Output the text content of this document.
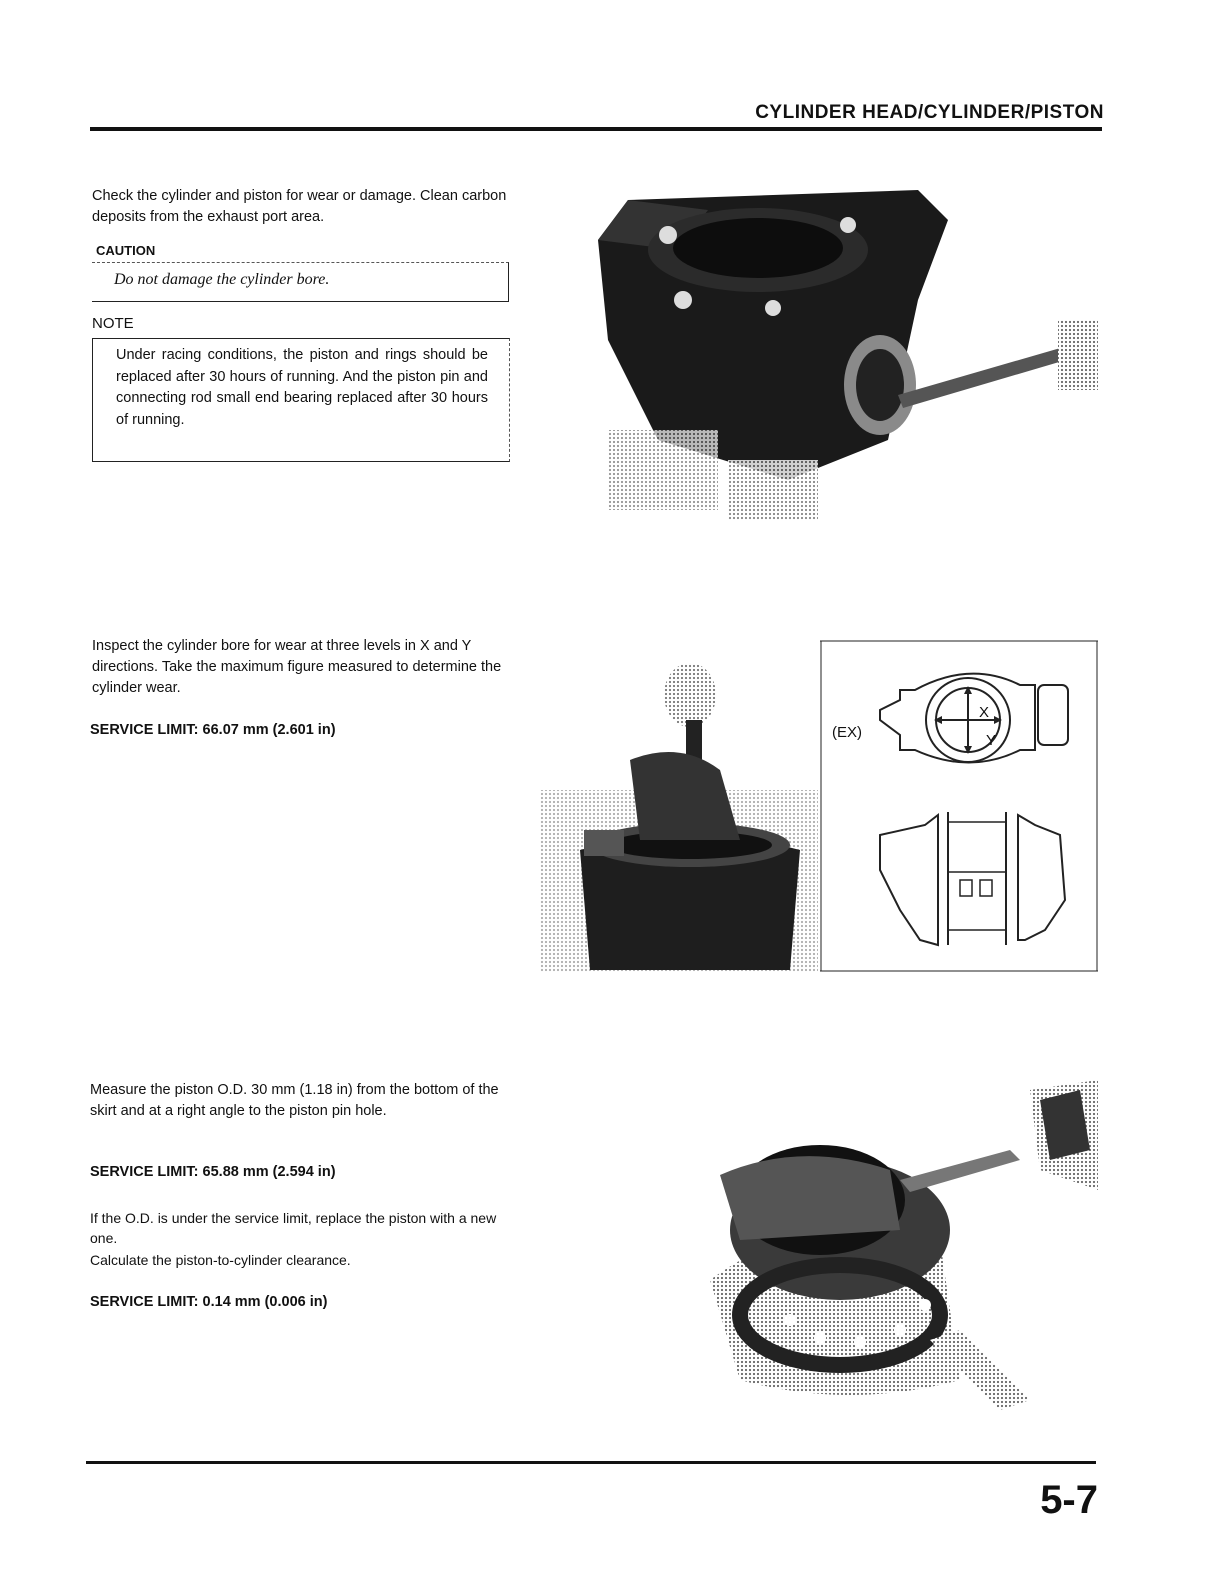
CYLINDER HEAD/CYLINDER/PISTON
Check the cylinder and piston for wear or damage. Clean carbon deposits from the exhaust port area.
CAUTION
Do not damage the cylinder bore.
NOTE
Under racing conditions, the piston and rings should be replaced after 30 hours of running. And the piston pin and connecting rod small end bearing replaced after 30 hours of running.
Inspect the cylinder bore for wear at three levels in X and Y directions. Take the maximum figure measured to determine the cylinder wear.
SERVICE LIMIT: 66.07 mm (2.601 in)	(EX)
X
Y
Measure the piston O.D. 30 mm (1.18 in) from the bottom of the skirt and at a right angle to the piston pin hole.
SERVICE LIMIT: 65.88 mm (2.594 in)
If the O.D. is under the service limit, replace the piston with a new one.
Calculate the piston-to-cylinder clearance.
SERVICE LIMIT: 0.14 mm (0.006 in)
5-7
